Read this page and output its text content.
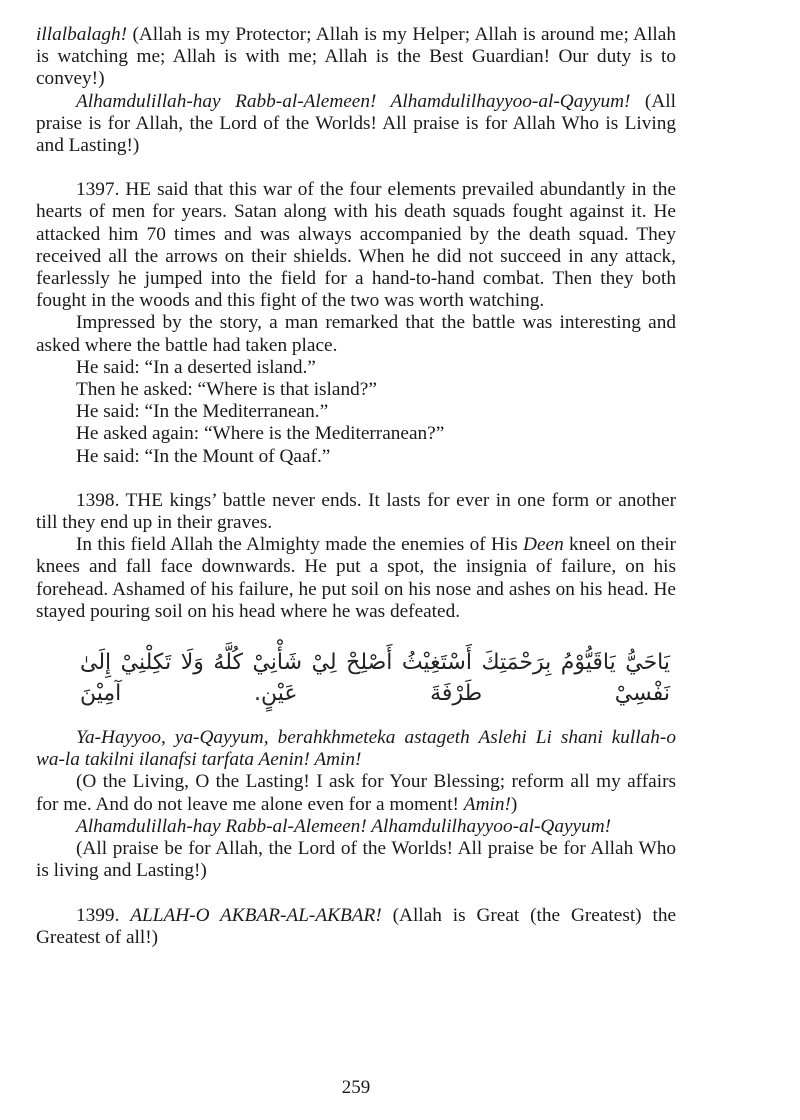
illalbalagh! (Allah is my Protector; Allah is my Helper; Allah is around me; Allah is watching me; Allah is with me; Allah is the Best Guardian! Our duty is to convey!)

Alhamdulillah-hay Rabb-al-Alemeen! Alhamdulilhayyoo-al-Qayyum! (All praise is for Allah, the Lord of the Worlds! All praise is for Allah Who is Living and Lasting!)

1397. HE said that this war of the four elements prevailed abundantly in the hearts of men for years. Satan along with his death squads fought against it. He attacked him 70 times and was always accompanied by the death squad. They received all the arrows on their shields. When he did not succeed in any attack, fearlessly he jumped into the field for a hand-to-hand combat. Then they both fought in the woods and this fight of the two was worth watching.

Impressed by the story, a man remarked that the battle was interesting and asked where the battle had taken place.

He said: “In a deserted island.”

Then he asked: “Where is that island?”

He said: “In the Mediterranean.”

He asked again: “Where is the Mediterranean?”

He said: “In the Mount of Qaaf.”

1398. THE kings’ battle never ends. It lasts for ever in one form or another till they end up in their graves.

In this field Allah the Almighty made the enemies of His Deen kneel on their knees and fall face downwards. He put a spot, the insignia of failure, on his forehead. Ashamed of his failure, he put soil on his nose and ashes on his head. He stayed pouring soil on his head where he was defeated.

يَاحَيُّ يَاقَيُّوْمُ بِرَحْمَتِكَ أَسْتَغِيْثُ أَصْلِحْ لِيْ شَأْنِيْ كُلَّهُ وَلَا تَكِلْنِيْ إِلَىٰ نَفْسِيْ طَرْفَةَ عَيْنٍ. آمِيْنَ

Ya-Hayyoo, ya-Qayyum, berahkhmeteka astageth Aslehi Li shani kullah-o wa-la takilni ilanafsi tarfata Aenin! Amin!

(O the Living, O the Lasting! I ask for Your Blessing; reform all my affairs for me. And do not leave me alone even for a moment! Amin!)

Alhamdulillah-hay Rabb-al-Alemeen! Alhamdulilhayyoo-al-Qayyum!

(All praise be for Allah, the Lord of the Worlds! All praise be for Allah Who is living and Lasting!)

1399. ALLAH-O AKBAR-AL-AKBAR! (Allah is Great (the Greatest) the Greatest of all!)

259
